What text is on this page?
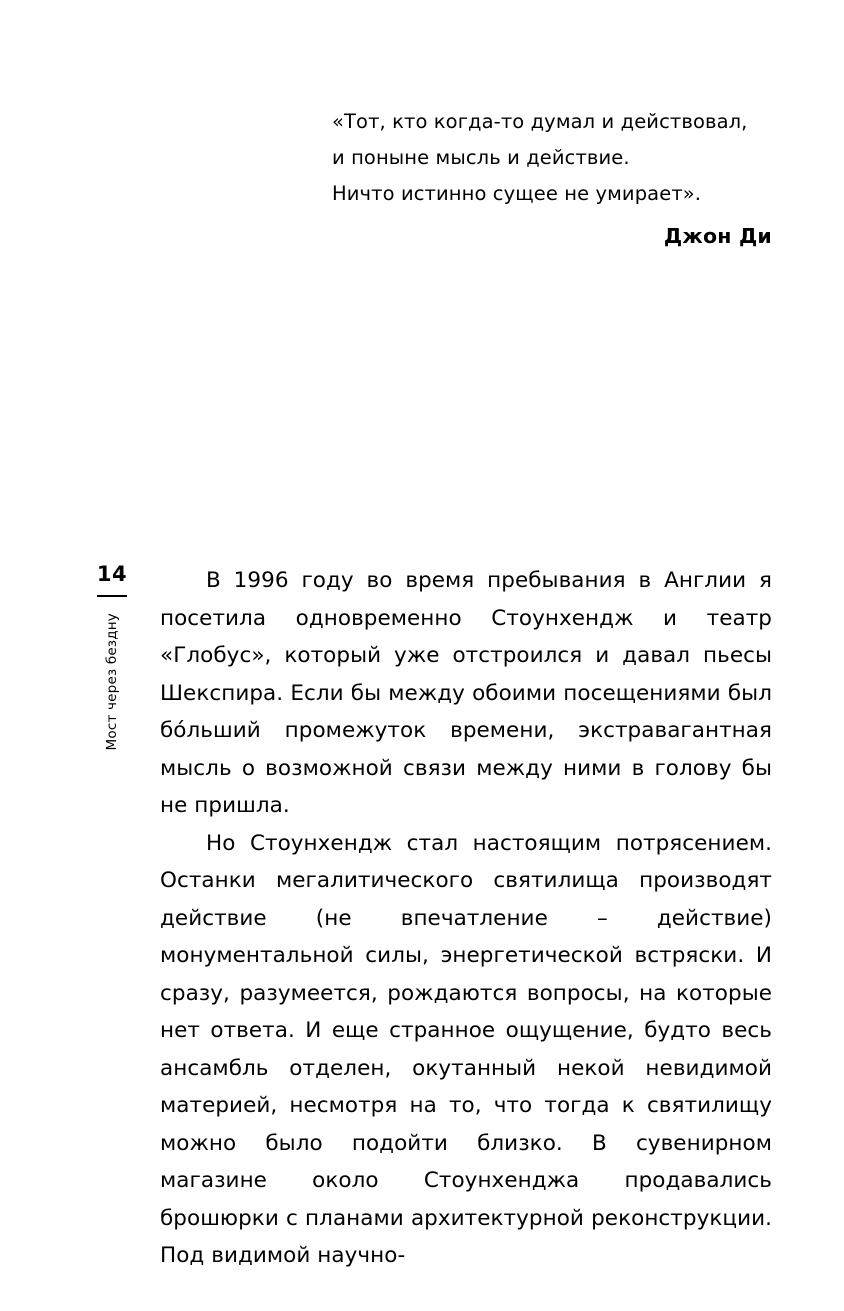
«Тот, кто когда-то думал и действовал,
и поныне мысль и действие.
Ничто истинно сущее не умирает».
Джон Ди
14
Мост через бездну

В 1996 году во время пребывания в Англии я посетила одновременно Стоунхендж и театр «Глобус», который уже отстроился и давал пьесы Шекспира. Если бы между обоими посещениями был бо́льший промежуток времени, экстравагантная мысль о возможной связи между ними в голову бы не пришла.

Но Стоунхендж стал настоящим потрясением. Останки мегалитического святилища производят действие (не впечатление – действие) монументальной силы, энергетической встряски. И сразу, разумеется, рождаются вопросы, на которые нет ответа. И еще странное ощущение, будто весь ансамбль отделен, окутанный некой невидимой материей, несмотря на то, что тогда к святилищу можно было подойти близко. В сувенирном магазине около Стоунхенджа продавались брошюрки с планами архитектурной реконструкции. Под видимой научно-
